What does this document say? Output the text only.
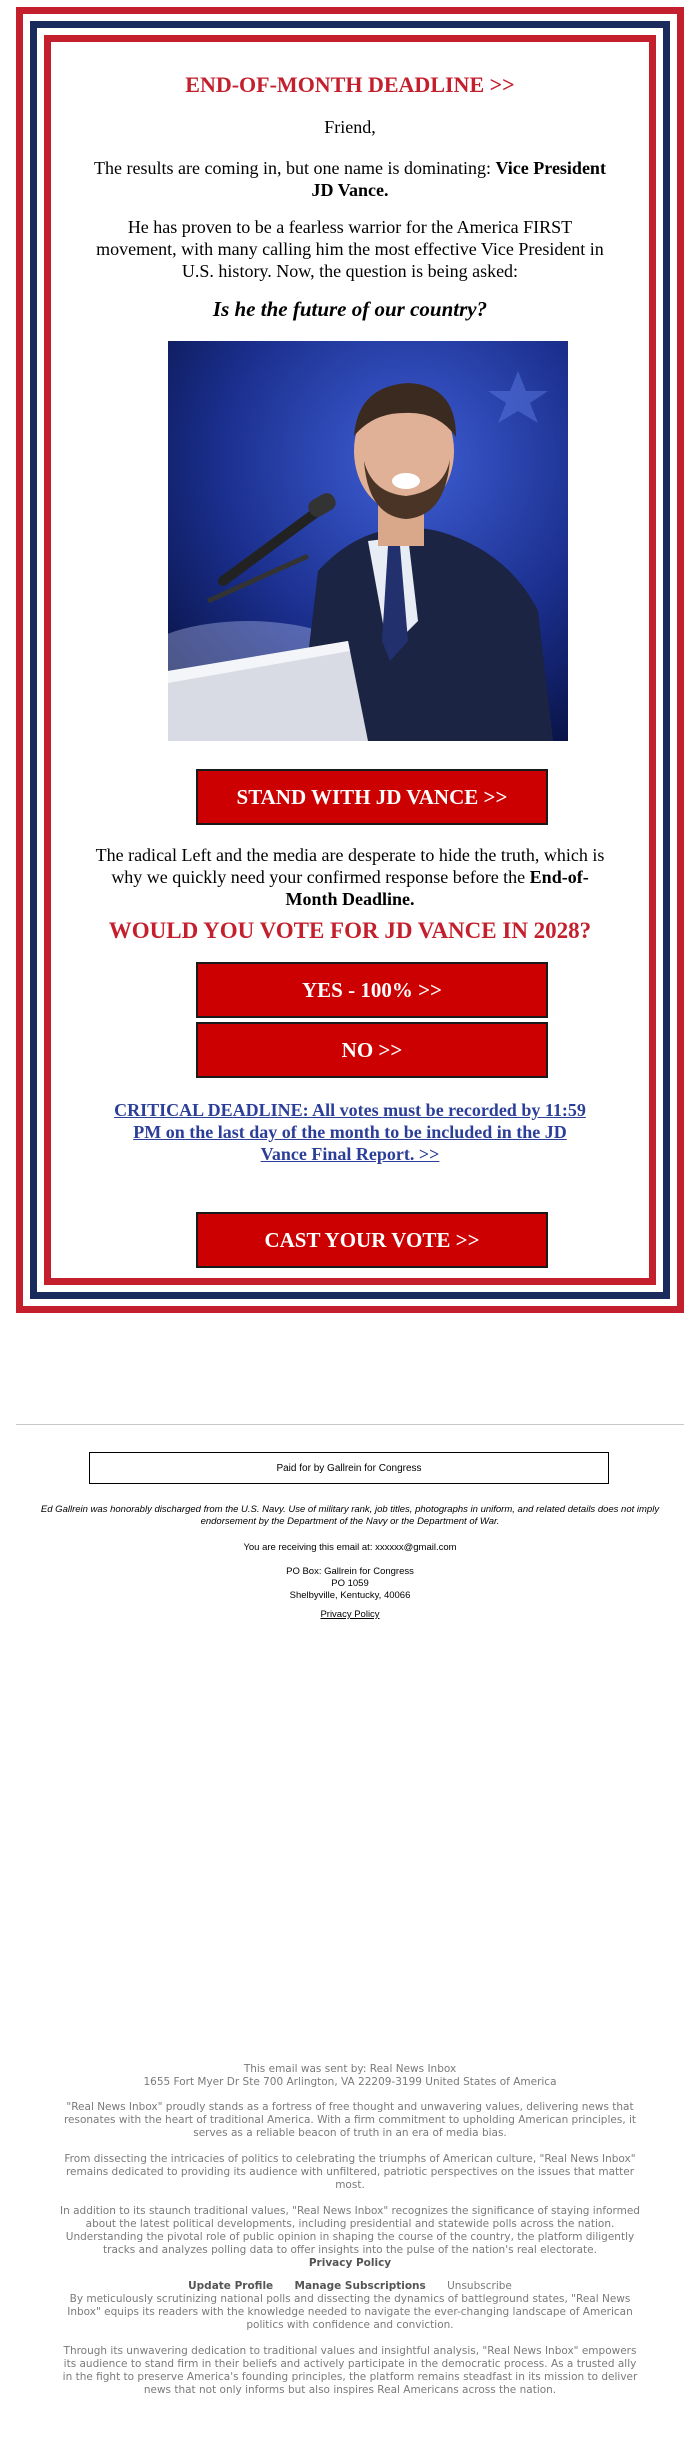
END-OF-MONTH DEADLINE >>
Friend,
The results are coming in, but one name is dominating: Vice President JD Vance.
He has proven to be a fearless warrior for the America FIRST movement, with many calling him the most effective Vice President in U.S. history. Now, the question is being asked:
Is he the future of our country?
STAND WITH JD VANCE >>
The radical Left and the media are desperate to hide the truth, which is why we quickly need your confirmed response before the End-of-Month Deadline.
WOULD YOU VOTE FOR JD VANCE IN 2028?
YES - 100% >>
NO >>
CRITICAL DEADLINE: All votes must be recorded by 11:59 PM on the last day of the month to be included in the JD Vance Final Report. >>
CAST YOUR VOTE >>
Paid for by Gallrein for Congress
Ed Gallrein was honorably discharged from the U.S. Navy. Use of military rank, job titles, photographs in uniform, and related details does not imply endorsement by the Department of the Navy or the Department of War.
You are receiving this email at: xxxxxx@gmail.com
PO Box: Gallrein for Congress
PO 1059
Shelbyville, Kentucky, 40066
Privacy Policy
This email was sent by: Real News Inbox
1655 Fort Myer Dr Ste 700 Arlington, VA 22209-3199 United States of America
"Real News Inbox" proudly stands as a fortress of free thought and unwavering values, delivering news that resonates with the heart of traditional America. With a firm commitment to upholding American principles, it serves as a reliable beacon of truth in an era of media bias.
From dissecting the intricacies of politics to celebrating the triumphs of American culture, "Real News Inbox" remains dedicated to providing its audience with unfiltered, patriotic perspectives on the issues that matter most.
In addition to its staunch traditional values, "Real News Inbox" recognizes the significance of staying informed about the latest political developments, including presidential and statewide polls across the nation. Understanding the pivotal role of public opinion in shaping the course of the country, the platform diligently tracks and analyzes polling data to offer insights into the pulse of the nation's real electorate.
Privacy Policy
Update Profile Manage Subscriptions Unsubscribe
By meticulously scrutinizing national polls and dissecting the dynamics of battleground states, "Real News Inbox" equips its readers with the knowledge needed to navigate the ever-changing landscape of American politics with confidence and conviction.
Through its unwavering dedication to traditional values and insightful analysis, "Real News Inbox" empowers its audience to stand firm in their beliefs and actively participate in the democratic process. As a trusted ally in the fight to preserve America's founding principles, the platform remains steadfast in its mission to deliver news that not only informs but also inspires Real Americans across the nation.
